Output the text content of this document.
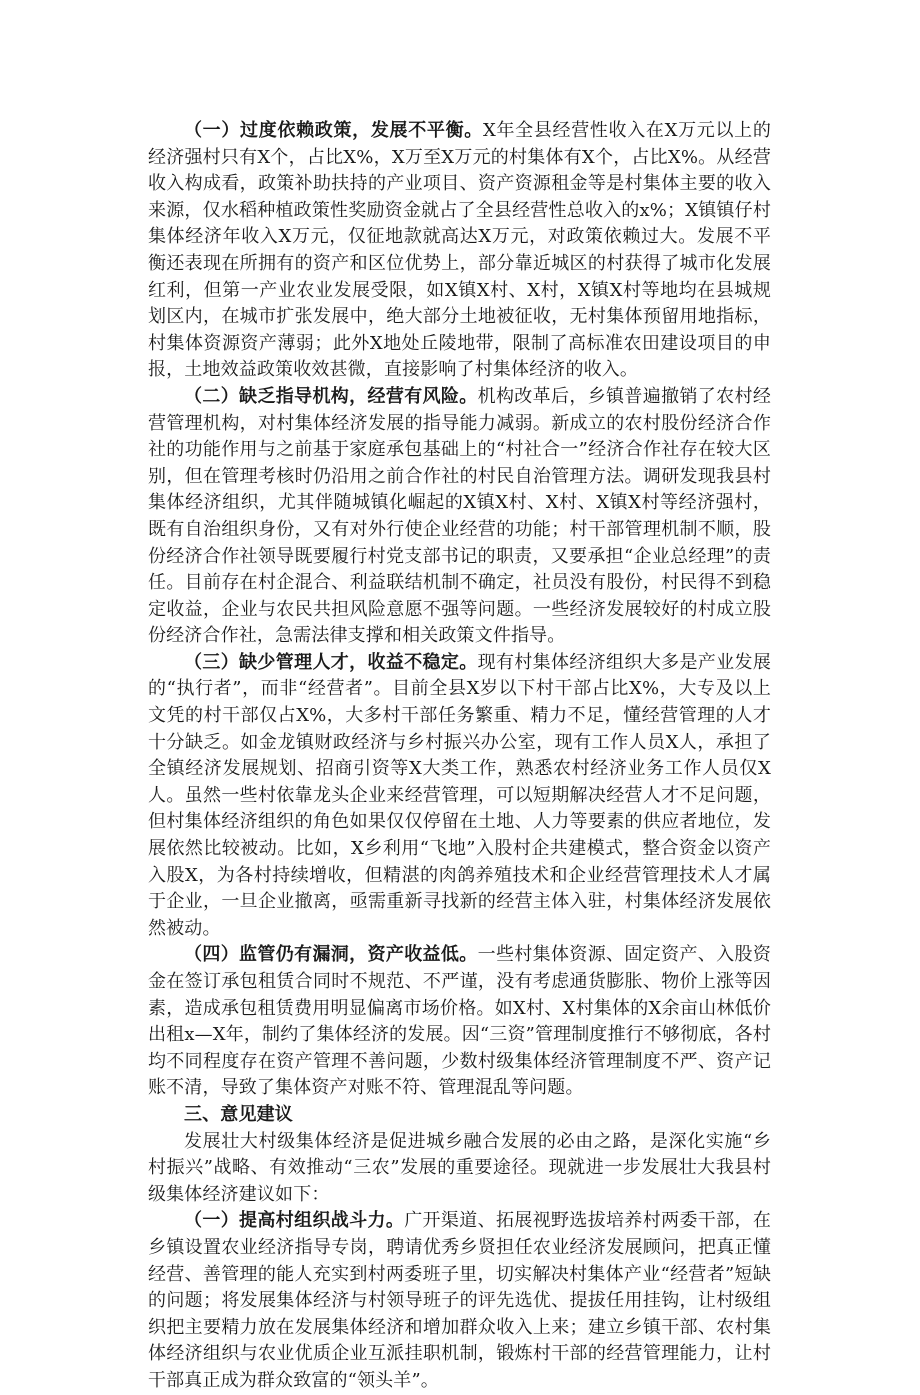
（一）过度依赖政策，发展不平衡。X年全县经营性收入在X万元以上的经济强村只有X个，占比X%，X万至X万元的村集体有X个，占比X%。从经营收入构成看，政策补助扶持的产业项目、资产资源租金等是村集体主要的收入来源，仅水稻种植政策性奖励资金就占了全县经营性总收入的x%；X镇镇仔村集体经济年收入X万元，仅征地款就高达X万元，对政策依赖过大。发展不平衡还表现在所拥有的资产和区位优势上，部分靠近城区的村获得了城市化发展红利，但第一产业农业发展受限，如X镇X村、X村，X镇X村等地均在县城规划区内，在城市扩张发展中，绝大部分土地被征收，无村集体预留用地指标，村集体资源资产薄弱；此外X地处丘陵地带，限制了高标准农田建设项目的申报，土地效益政策收效甚微，直接影响了村集体经济的收入。

（二）缺乏指导机构，经营有风险。机构改革后，乡镇普遍撤销了农村经营管理机构，对村集体经济发展的指导能力减弱。新成立的农村股份经济合作社的功能作用与之前基于家庭承包基础上的“村社合一”经济合作社存在较大区别，但在管理考核时仍沿用之前合作社的村民自治管理方法。调研发现我县村集体经济组织，尤其伴随城镇化崛起的X镇X村、X村、X镇X村等经济强村，既有自治组织身份，又有对外行使企业经营的功能；村干部管理机制不顺，股份经济合作社领导既要履行村党支部书记的职责，又要承担“企业总经理”的责任。目前存在村企混合、利益联结机制不确定，社员没有股份，村民得不到稳定收益，企业与农民共担风险意愿不强等问题。一些经济发展较好的村成立股份经济合作社，急需法律支撑和相关政策文件指导。

（三）缺少管理人才，收益不稳定。现有村集体经济组织大多是产业发展的“执行者”，而非“经营者”。目前全县X岁以下村干部占比X%，大专及以上文凭的村干部仅占X%，大多村干部任务繁重、精力不足，懂经营管理的人才十分缺乏。如金龙镇财政经济与乡村振兴办公室，现有工作人员X人，承担了全镇经济发展规划、招商引资等X大类工作，熟悉农村经济业务工作人员仅X人。虽然一些村依靠龙头企业来经营管理，可以短期解决经营人才不足问题，但村集体经济组织的角色如果仅仅停留在土地、人力等要素的供应者地位，发展依然比较被动。比如，X乡利用“飞地”入股村企共建模式，整合资金以资产入股X，为各村持续增收，但精湛的肉鸽养殖技术和企业经营管理技术人才属于企业，一旦企业撤离，亟需重新寻找新的经营主体入驻，村集体经济发展依然被动。

（四）监管仍有漏洞，资产收益低。一些村集体资源、固定资产、入股资金在签订承包租赁合同时不规范、不严谨，没有考虑通货膨胀、物价上涨等因素，造成承包租赁费用明显偏离市场价格。如X村、X村集体的X余亩山林低价出租x—X年，制约了集体经济的发展。因“三资”管理制度推行不够彻底，各村均不同程度存在资产管理不善问题，少数村级集体经济管理制度不严、资产记账不清，导致了集体资产对账不符、管理混乱等问题。

三、意见建议

发展壮大村级集体经济是促进城乡融合发展的必由之路，是深化实施“乡村振兴”战略、有效推动“三农”发展的重要途径。现就进一步发展壮大我县村级集体经济建议如下：

（一）提高村组织战斗力。广开渠道、拓展视野选拔培养村两委干部，在乡镇设置农业经济指导专岗，聘请优秀乡贤担任农业经济发展顾问，把真正懂经营、善管理的能人充实到村两委班子里，切实解决村集体产业“经营者”短缺的问题；将发展集体经济与村领导班子的评先选优、提拔任用挂钩，让村级组织把主要精力放在发展集体经济和增加群众收入上来；建立乡镇干部、农村集体经济组织与农业优质企业互派挂职机制，锻炼村干部的经营管理能力，让村干部真正成为群众致富的“领头羊”。
